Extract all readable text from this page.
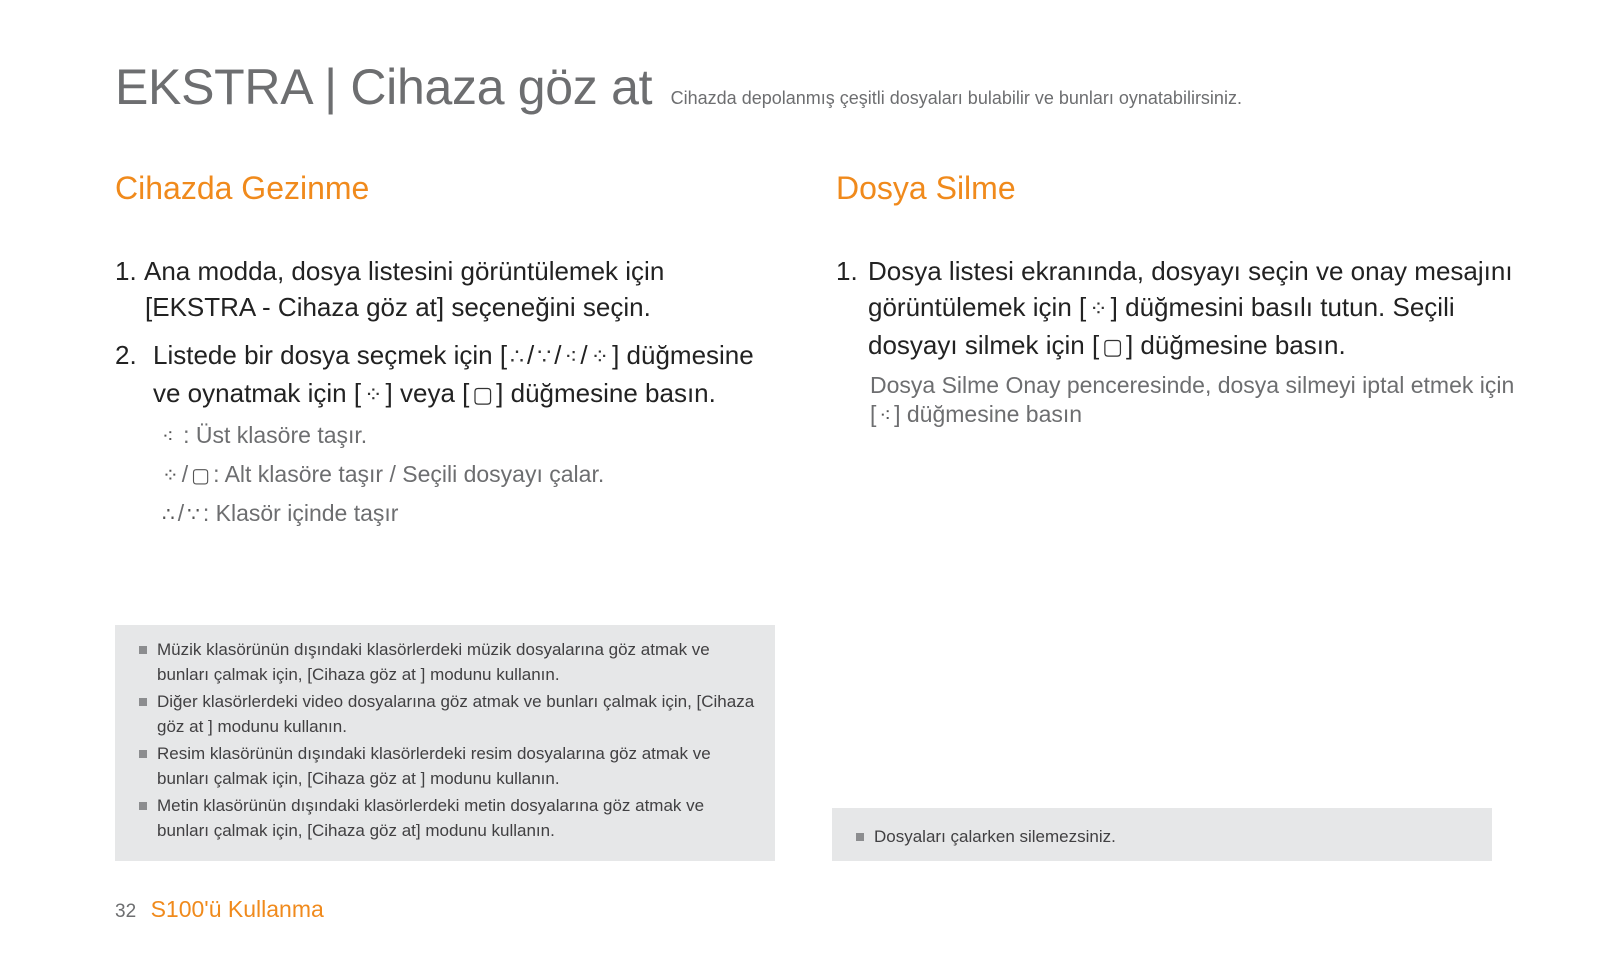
EKSTRA | Cihaza göz at Cihazda depolanmış çeşitli dosyaları bulabilir ve bunları oynatabilirsiniz.
Cihazda Gezinme
1. Ana modda, dosya listesini görüntülemek için [EKSTRA - Cihaza göz at] seçeneğini seçin.
2. Listede bir dosya seçmek için [ ∴ / ∵ / ⁖ / ⁘ ] düğmesine ve oynatmak için [ ⁘ ] veya [ ▢ ] düğmesine basın.
⁖ : Üst klasöre taşır.
⁘ / ▢ : Alt klasöre taşır / Seçili dosyayı çalar.
∴ / ∵ : Klasör içinde taşır
Dosya Silme
1. Dosya listesi ekranında, dosyayı seçin ve onay mesajını görüntülemek için [ ⁘ ] düğmesini basılı tutun. Seçili dosyayı silmek için [ ▢ ] düğmesine basın.
Dosya Silme Onay penceresinde, dosya silmeyi iptal etmek için [ ⁖ ] düğmesine basın
Müzik klasörünün dışındaki klasörlerdeki müzik dosyalarına göz atmak ve bunları çalmak için, [Cihaza göz at ] modunu kullanın.
Diğer klasörlerdeki video dosyalarına göz atmak ve bunları çalmak için, [Cihaza göz at ] modunu kullanın.
Resim klasörünün dışındaki klasörlerdeki resim dosyalarına göz atmak ve bunları çalmak için, [Cihaza göz at ] modunu kullanın.
Metin klasörünün dışındaki klasörlerdeki metin dosyalarına göz atmak ve bunları çalmak için, [Cihaza göz at] modunu kullanın.	Dosyaları çalarken silemezsiniz.
32 S100'ü Kullanma
